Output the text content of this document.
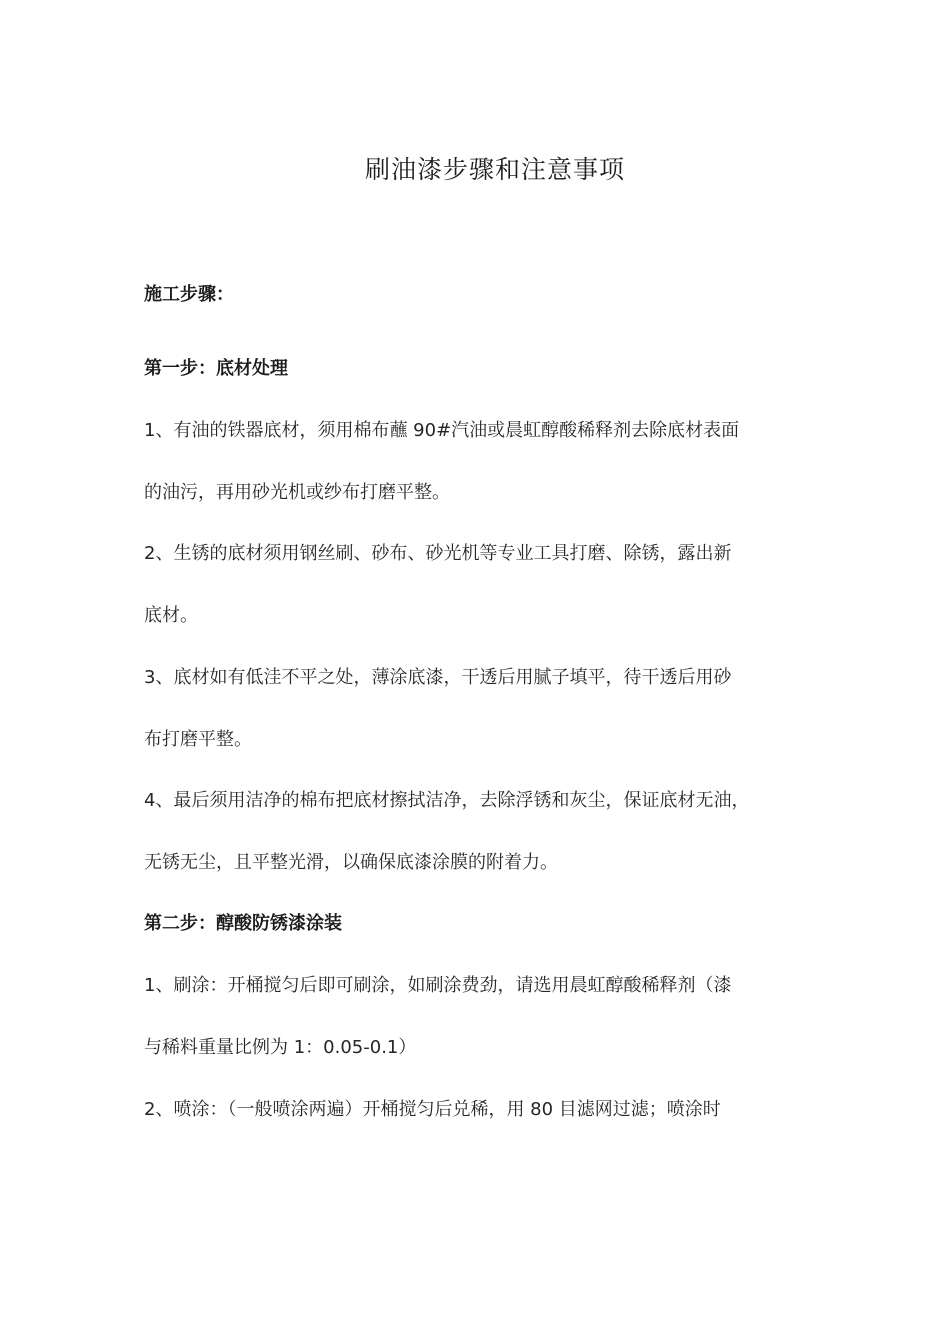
刷油漆步骤和注意事项
施工步骤：
第一步：底材处理
1、有油的铁器底材，须用棉布蘸 90#汽油或晨虹醇酸稀释剂去除底材表面
的油污，再用砂光机或纱布打磨平整。
2、生锈的底材须用钢丝刷、砂布、砂光机等专业工具打磨、除锈，露出新
底材。
3、底材如有低洼不平之处，薄涂底漆，干透后用腻子填平，待干透后用砂
布打磨平整。
4、最后须用洁净的棉布把底材擦拭洁净，去除浮锈和灰尘，保证底材无油，
无锈无尘，且平整光滑，以确保底漆涂膜的附着力。
第二步：醇酸防锈漆涂装
1、刷涂：开桶搅匀后即可刷涂，如刷涂费劲，请选用晨虹醇酸稀释剂（漆
与稀料重量比例为 1：0.05-0.1）
2、喷涂：（一般喷涂两遍）开桶搅匀后兑稀，用 80 目滤网过滤；喷涂时
